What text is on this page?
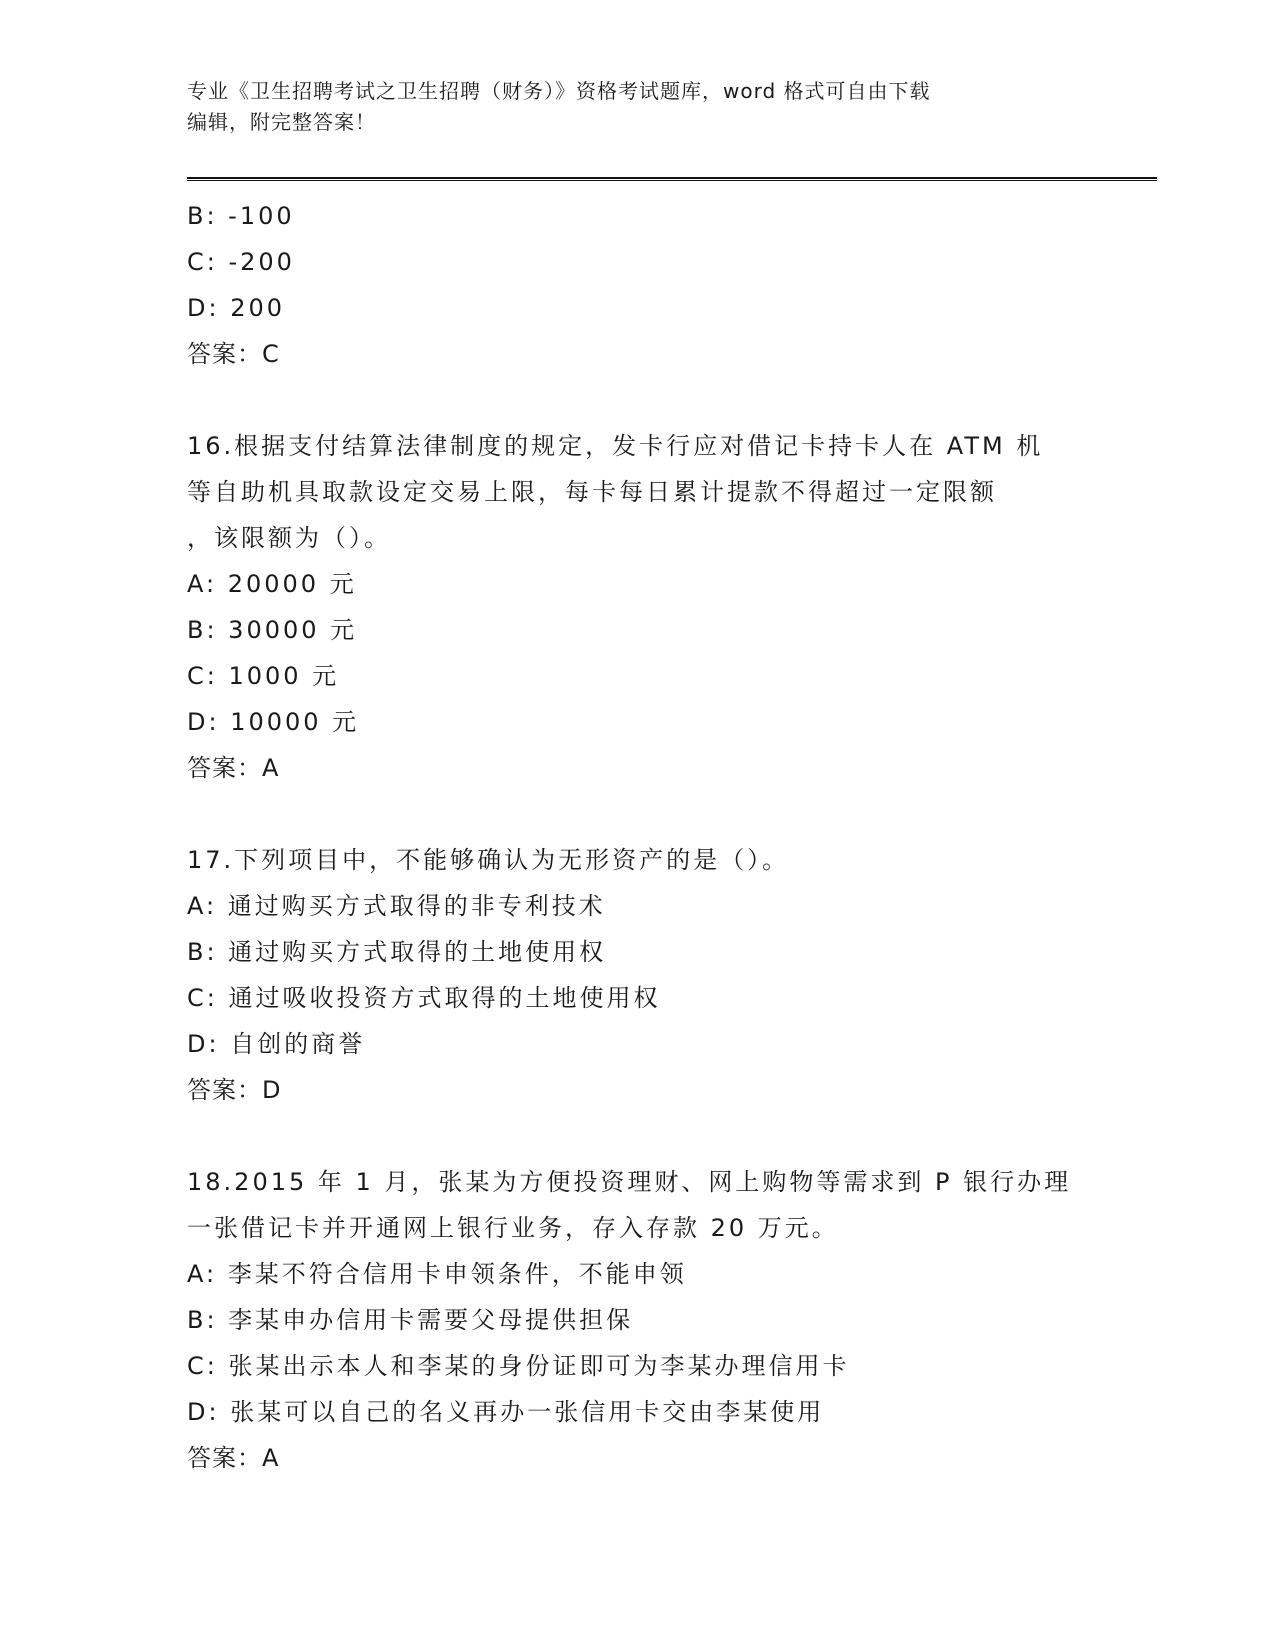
专业《卫生招聘考试之卫生招聘（财务）》资格考试题库，word 格式可自由下载
编辑，附完整答案！
B: -100
C: -200
D: 200
答案：C
16.根据支付结算法律制度的规定，发卡行应对借记卡持卡人在 ATM 机
等自助机具取款设定交易上限，每卡每日累计提款不得超过一定限额
，该限额为（）。
A: 20000 元
B: 30000 元
C: 1000 元
D: 10000 元
答案：A
17.下列项目中，不能够确认为无形资产的是（）。
A: 通过购买方式取得的非专利技术
B: 通过购买方式取得的土地使用权
C: 通过吸收投资方式取得的土地使用权
D: 自创的商誉
答案：D
18.2015 年 1 月，张某为方便投资理财、网上购物等需求到 P 银行办理
一张借记卡并开通网上银行业务，存入存款 20 万元。
A: 李某不符合信用卡申领条件，不能申领
B: 李某申办信用卡需要父母提供担保
C: 张某出示本人和李某的身份证即可为李某办理信用卡
D: 张某可以自己的名义再办一张信用卡交由李某使用
答案：A
